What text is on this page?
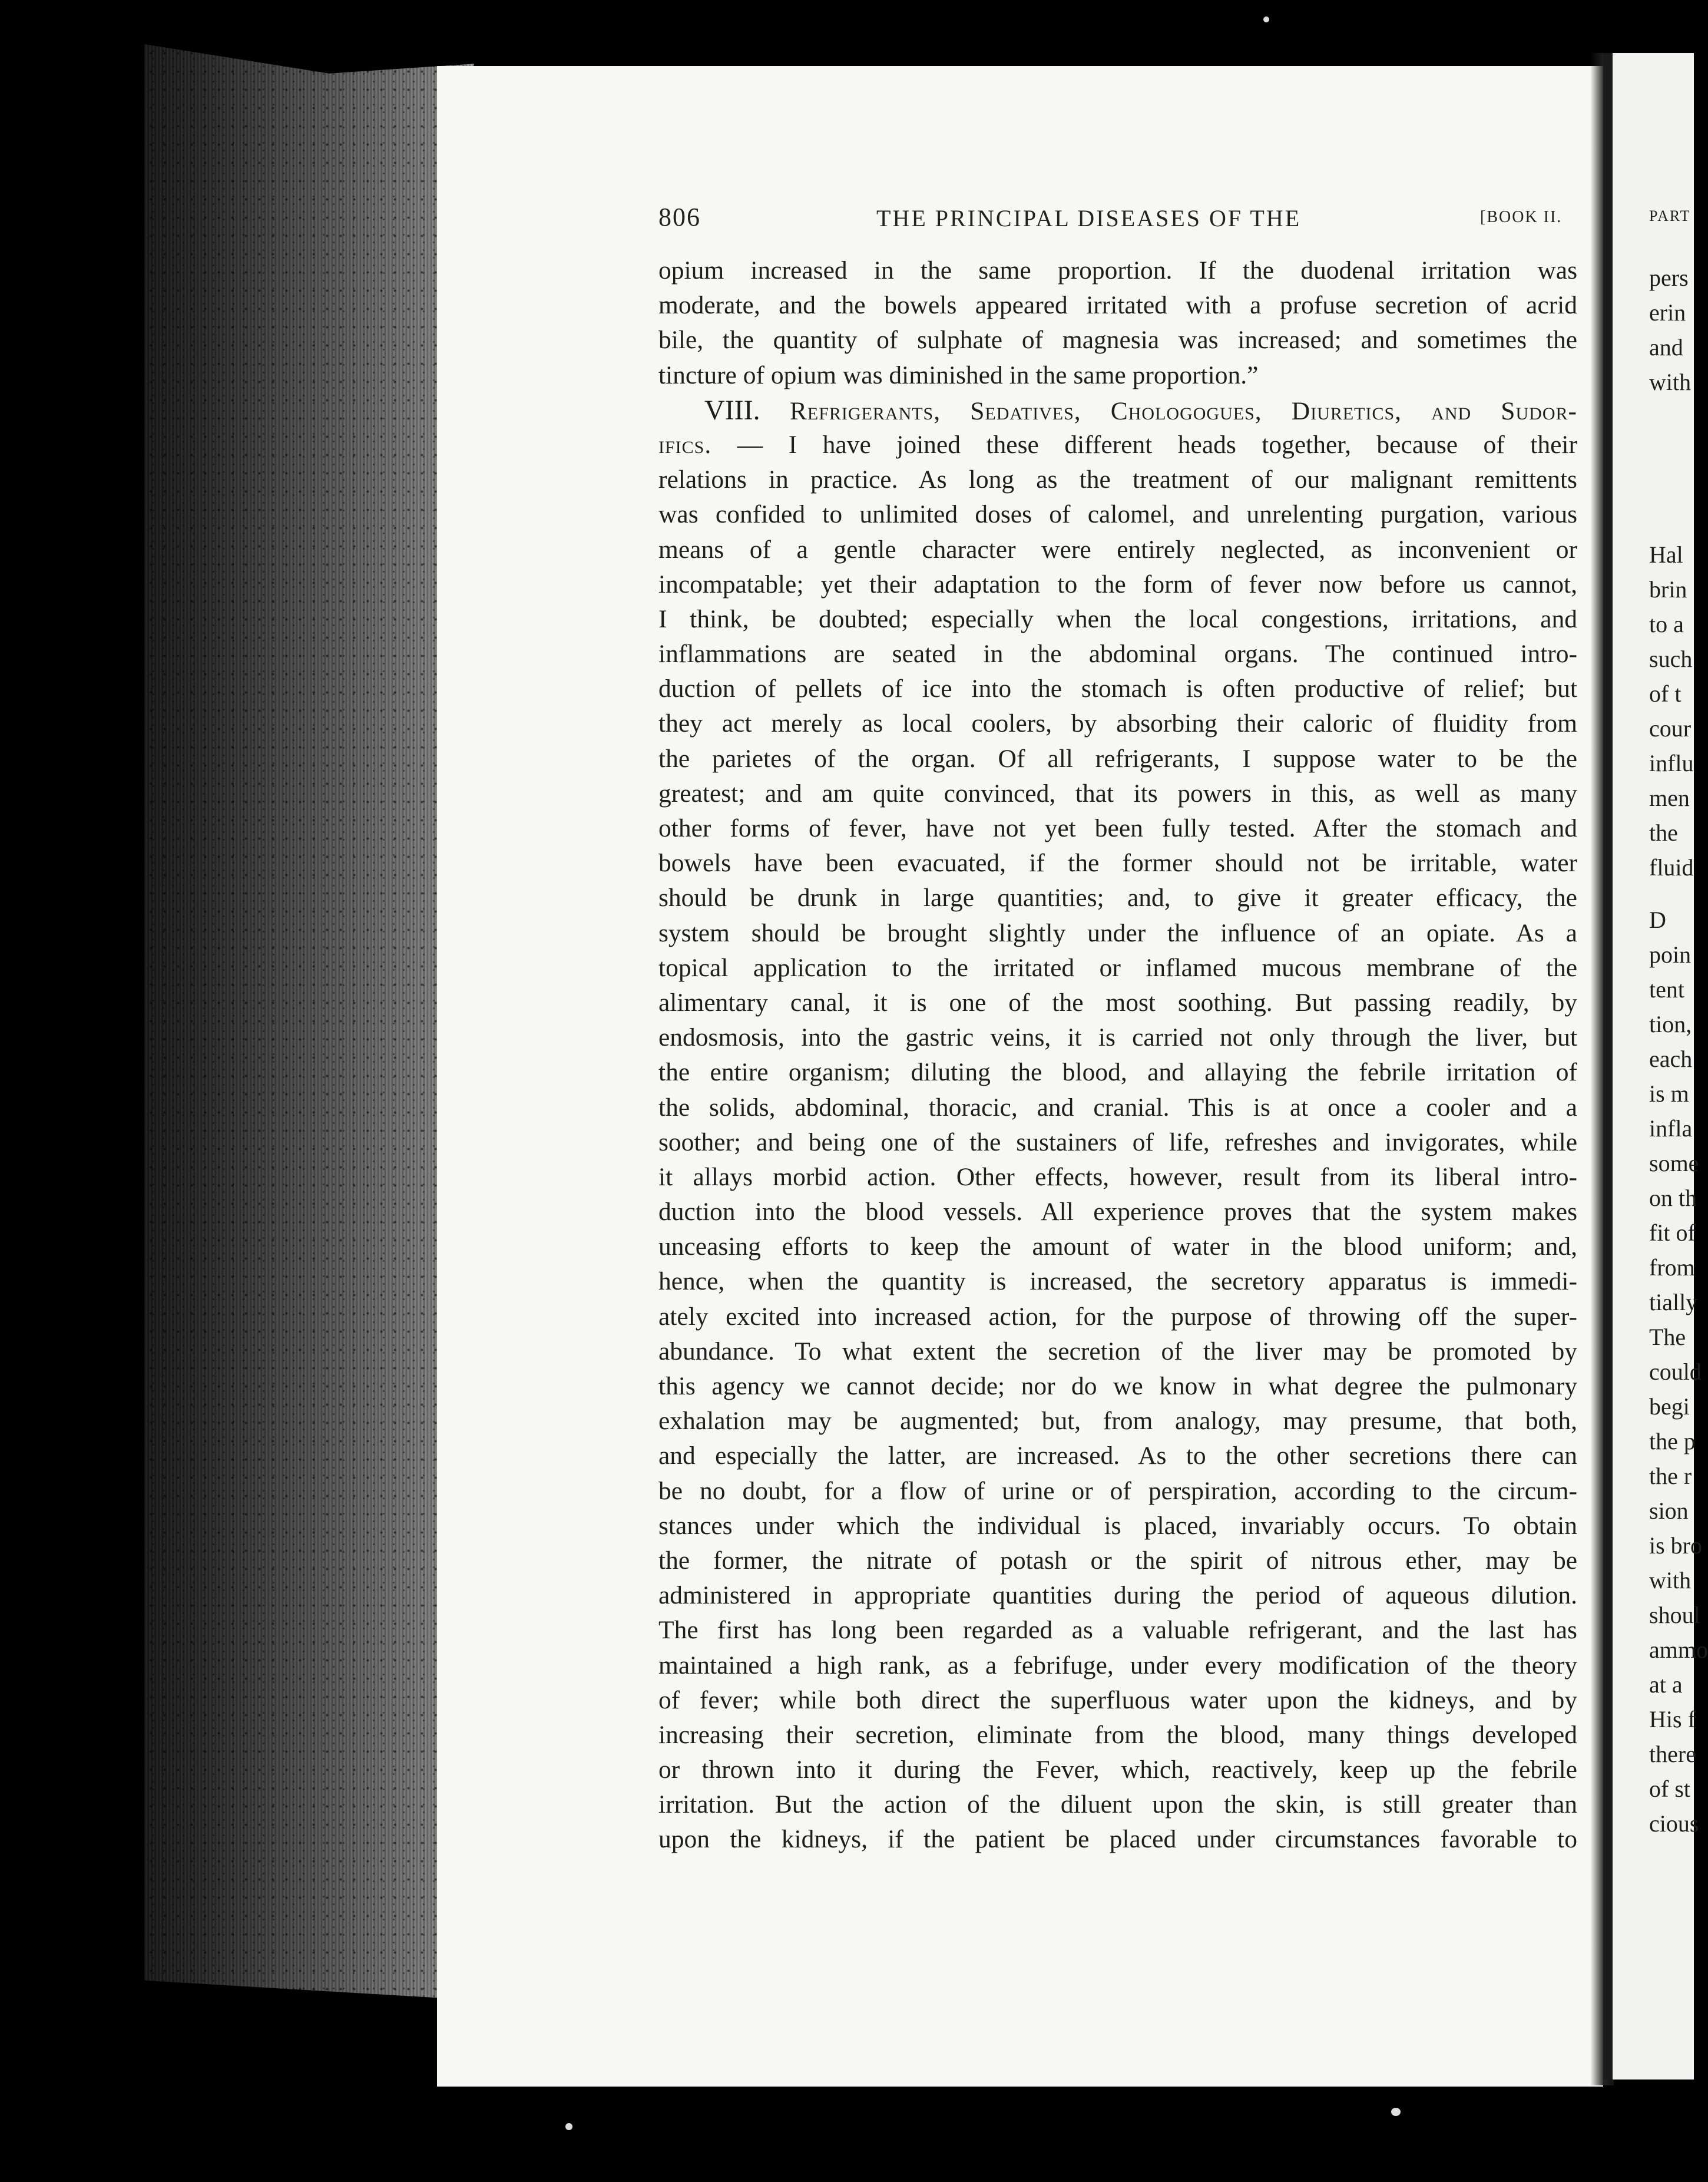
806	THE PRINCIPAL DISEASES OF THE	[BOOK II.
opium increased in the same proportion. If the duodenal irritation was
moderate, and the bowels appeared irritated with a profuse secretion of acrid
bile, the quantity of sulphate of magnesia was increased; and sometimes the
tincture of opium was diminished in the same proportion.”
VIII. Refrigerants, Sedatives, Chologogues, Diuretics, and Sudor-
ifics. — I have joined these different heads together, because of their
relations in practice. As long as the treatment of our malignant remittents
was confided to unlimited doses of calomel, and unrelenting purgation, various
means of a gentle character were entirely neglected, as inconvenient or
incompatable; yet their adaptation to the form of fever now before us cannot,
I think, be doubted; especially when the local congestions, irritations, and
inflammations are seated in the abdominal organs. The continued intro-
duction of pellets of ice into the stomach is often productive of relief; but
they act merely as local coolers, by absorbing their caloric of fluidity from
the parietes of the organ. Of all refrigerants, I suppose water to be the
greatest; and am quite convinced, that its powers in this, as well as many
other forms of fever, have not yet been fully tested. After the stomach and
bowels have been evacuated, if the former should not be irritable, water
should be drunk in large quantities; and, to give it greater efficacy, the
system should be brought slightly under the influence of an opiate. As a
topical application to the irritated or inflamed mucous membrane of the
alimentary canal, it is one of the most soothing. But passing readily, by
endosmosis, into the gastric veins, it is carried not only through the liver, but
the entire organism; diluting the blood, and allaying the febrile irritation of
the solids, abdominal, thoracic, and cranial. This is at once a cooler and a
soother; and being one of the sustainers of life, refreshes and invigorates, while
it allays morbid action. Other effects, however, result from its liberal intro-
duction into the blood vessels. All experience proves that the system makes
unceasing efforts to keep the amount of water in the blood uniform; and,
hence, when the quantity is increased, the secretory apparatus is immedi-
ately excited into increased action, for the purpose of throwing off the super-
abundance. To what extent the secretion of the liver may be promoted by
this agency we cannot decide; nor do we know in what degree the pulmonary
exhalation may be augmented; but, from analogy, may presume, that both,
and especially the latter, are increased. As to the other secretions there can
be no doubt, for a flow of urine or of perspiration, according to the circum-
stances under which the individual is placed, invariably occurs. To obtain
the former, the nitrate of potash or the spirit of nitrous ether, may be
administered in appropriate quantities during the period of aqueous dilution.
The first has long been regarded as a valuable refrigerant, and the last has
maintained a high rank, as a febrifuge, under every modification of the theory
of fever; while both direct the superfluous water upon the kidneys, and by
increasing their secretion, eliminate from the blood, many things developed
or thrown into it during the Fever, which, reactively, keep up the febrile
irritation. But the action of the diluent upon the skin, is still greater than
upon the kidneys, if the patient be placed under circumstances favorable to
PART
pers
erin
and
with
Hal
brin
to a
such
of t
cour
influ
men
the
fluid
D
poin
tent
tion,
each
is m
infla
some
on th
fit of
from
tially
The
could
begi
the p
the r
sion
is bro
with
shoul
ammo
at a
His f
there
of st
cious
